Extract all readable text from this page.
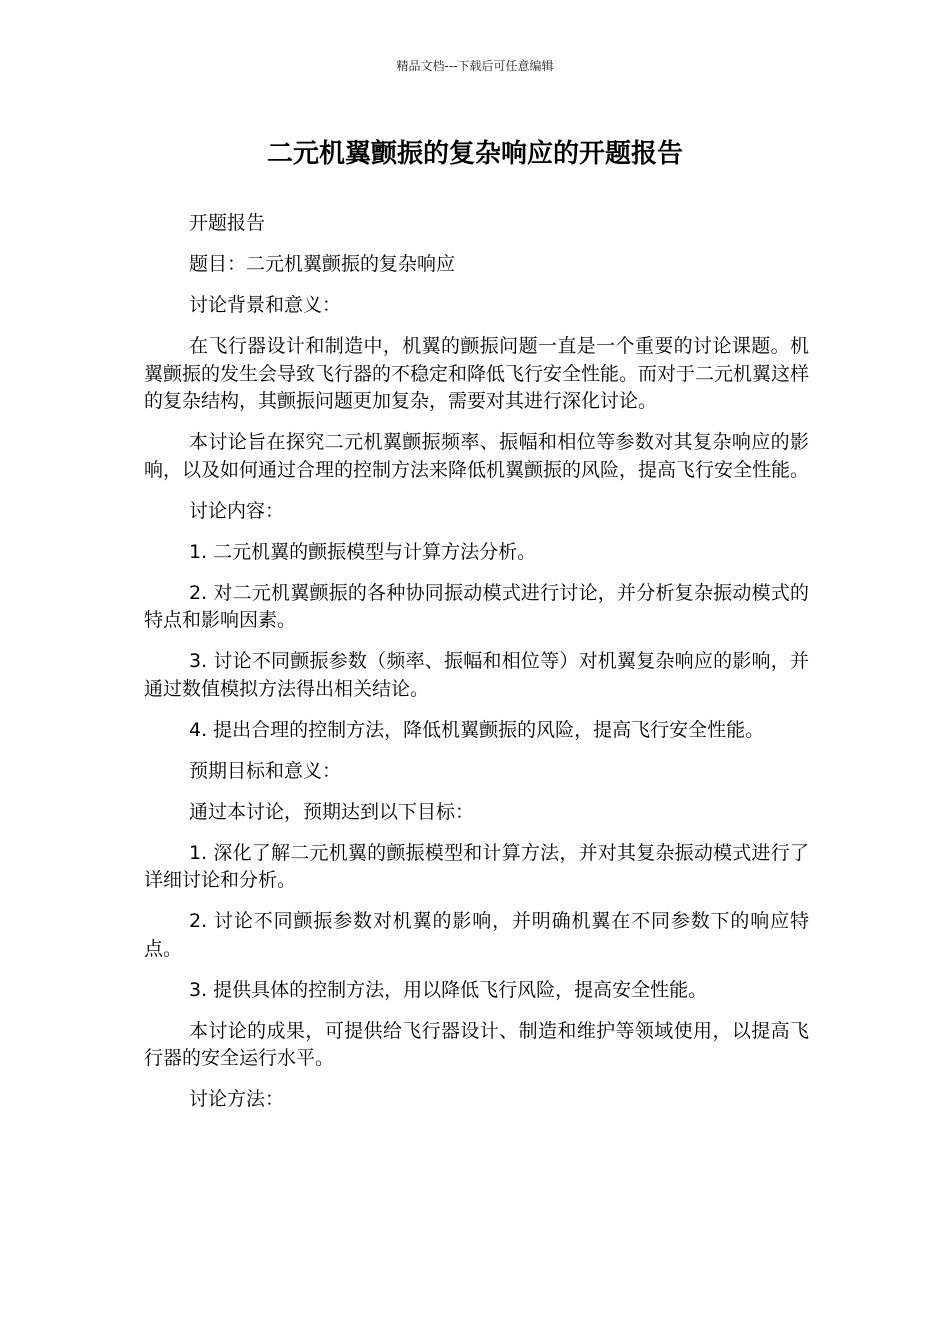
精品文档---下载后可任意编辑
二元机翼颤振的复杂响应的开题报告

开题报告

题目：二元机翼颤振的复杂响应

讨论背景和意义：

在飞行器设计和制造中，机翼的颤振问题一直是一个重要的讨论课题。机翼颤振的发生会导致飞行器的不稳定和降低飞行安全性能。而对于二元机翼这样的复杂结构，其颤振问题更加复杂，需要对其进行深化讨论。

本讨论旨在探究二元机翼颤振频率、振幅和相位等参数对其复杂响应的影响，以及如何通过合理的控制方法来降低机翼颤振的风险，提高飞行安全性能。

讨论内容：

1. 二元机翼的颤振模型与计算方法分析。

2. 对二元机翼颤振的各种协同振动模式进行讨论，并分析复杂振动模式的特点和影响因素。

3. 讨论不同颤振参数（频率、振幅和相位等）对机翼复杂响应的影响，并通过数值模拟方法得出相关结论。

4. 提出合理的控制方法，降低机翼颤振的风险，提高飞行安全性能。

预期目标和意义：

通过本讨论，预期达到以下目标：

1. 深化了解二元机翼的颤振模型和计算方法，并对其复杂振动模式进行了详细讨论和分析。

2. 讨论不同颤振参数对机翼的影响，并明确机翼在不同参数下的响应特点。

3. 提供具体的控制方法，用以降低飞行风险，提高安全性能。

本讨论的成果，可提供给飞行器设计、制造和维护等领域使用，以提高飞行器的安全运行水平。

讨论方法：
